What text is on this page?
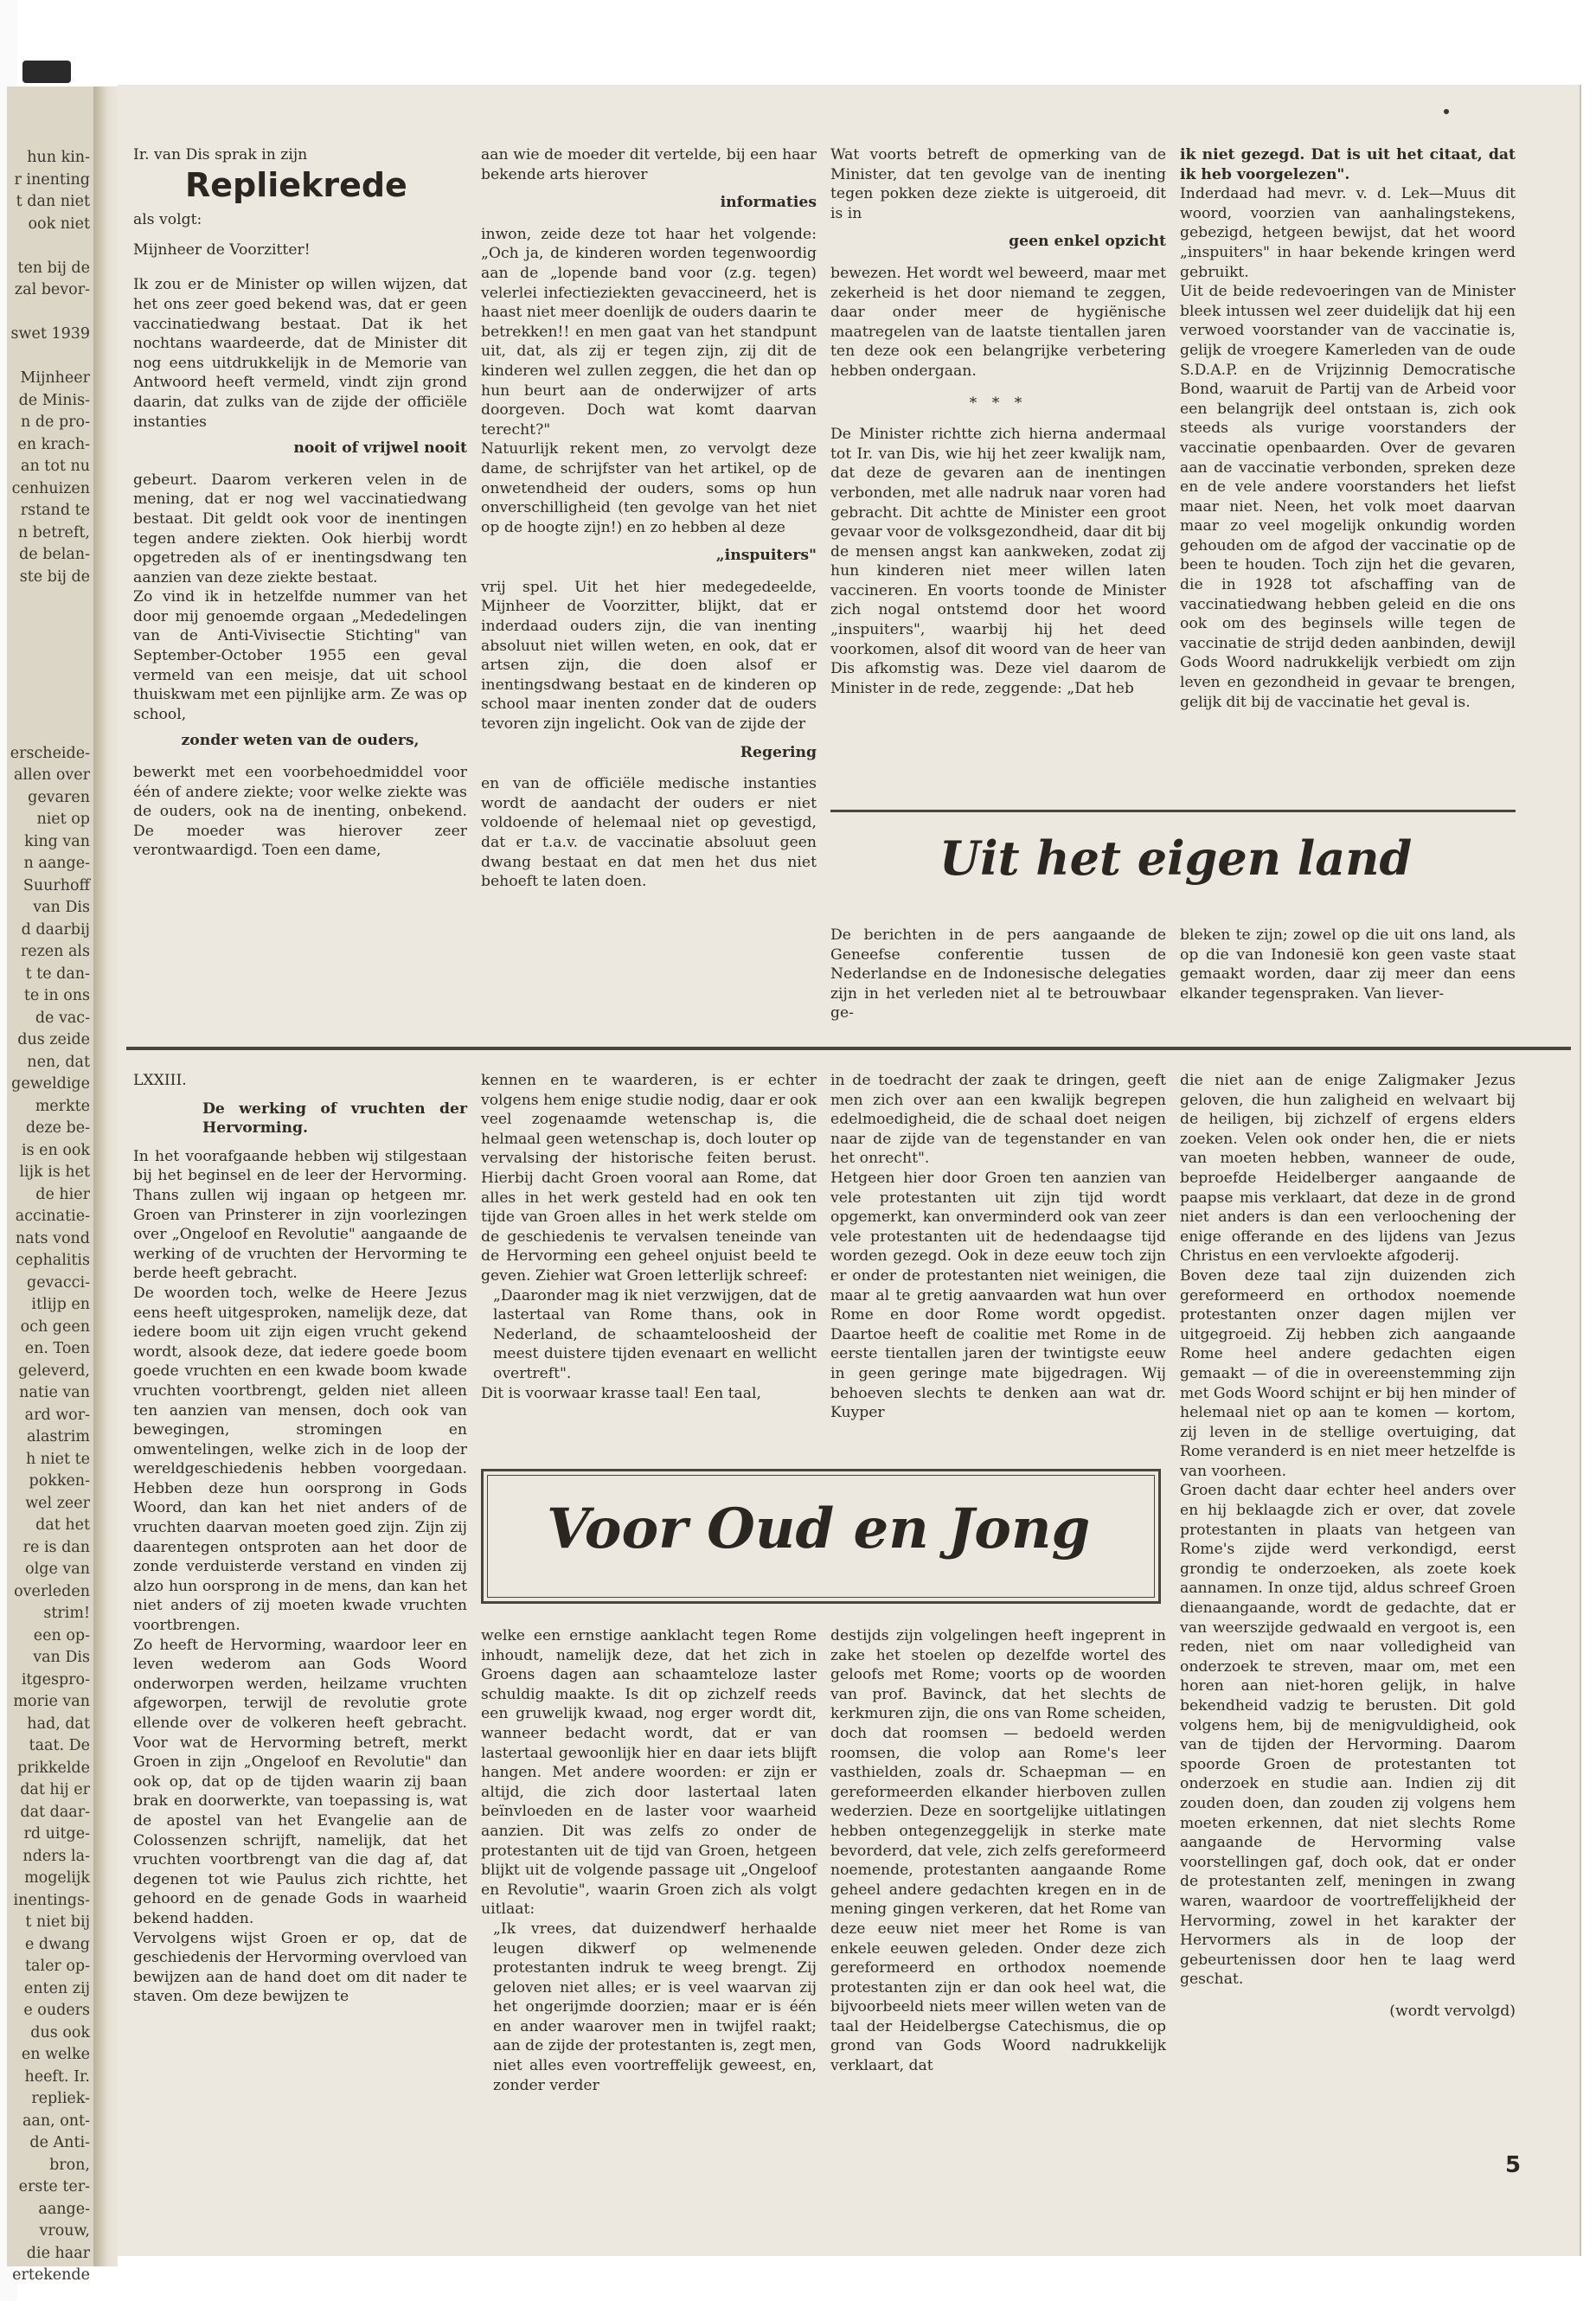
hun kin-
r inenting
t dan niet
ook niet

ten bij de
zal bevor-

swet 1939

Mijnheer
de Minis-
n de pro-
en krach-
an tot nu
cenhuizen
rstand te
n betreft,
de belan-
ste bij de

erscheide-
allen over
gevaren
niet op
king van
n aange-
Suurhoff
van Dis
d daarbij
rezen als
t te dan-
te in ons
de vac-
dus zeide
nen, dat
geweldige
merkte
deze be-
is en ook
lijk is het
de hier
accinatie-
nats vond
cephalitis
gevacci-
itlijp en
och geen
en. Toen
geleverd,
natie van
ard wor-
alastrim
h niet te
pokken-
wel zeer
dat het
re is dan
olge van
overleden
strim!
een op-
van Dis
itgespro-
morie van
had, dat
taat. De
prikkelde
dat hij er
dat daar-
rd uitge-
nders la-
mogelijk
inentings-
t niet bij
e dwang
taler op-
enten zij
e ouders
dus ook
en welke
heeft. Ir.
repliek-
aan, ont-
de Anti-
bron,
erste ter-
aange-
vrouw,
die haar
ertekende

Ir. van Dis sprak in zijn

Repliekrede

als volgt:

Mijnheer de Voorzitter!

Ik zou er de Minister op willen wijzen, dat het ons zeer goed bekend was, dat er geen vaccinatiedwang bestaat. Dat ik het nochtans waardeerde, dat de Minister dit nog eens uitdrukkelijk in de Memorie van Antwoord heeft vermeld, vindt zijn grond daarin, dat zulks van de zijde der officiële instanties

nooit of vrijwel nooit

gebeurt. Daarom verkeren velen in de mening, dat er nog wel vaccinatiedwang bestaat. Dit geldt ook voor de inentingen tegen andere ziekten. Ook hierbij wordt opgetreden als of er inentingsdwang ten aanzien van deze ziekte bestaat.

Zo vind ik in hetzelfde nummer van het door mij genoemde orgaan „Mededelingen van de Anti-Vivisectie Stichting" van September-October 1955 een geval vermeld van een meisje, dat uit school thuiskwam met een pijnlijke arm. Ze was op school,

zonder weten van de ouders,

bewerkt met een voorbehoedmiddel voor één of andere ziekte; voor welke ziekte was de ouders, ook na de inenting, onbekend. De moeder was hierover zeer verontwaardigd. Toen een dame,

aan wie de moeder dit vertelde, bij een haar bekende arts hierover

informaties

inwon, zeide deze tot haar het volgende: „Och ja, de kinderen worden tegenwoordig aan de „lopende band voor (z.g. tegen) velerlei infectieziekten gevaccineerd, het is haast niet meer doenlijk de ouders daarin te betrekken!! en men gaat van het standpunt uit, dat, als zij er tegen zijn, zij dit de kinderen wel zullen zeggen, die het dan op hun beurt aan de onderwijzer of arts doorgeven. Doch wat komt daarvan terecht?"

Natuurlijk rekent men, zo vervolgt deze dame, de schrijfster van het artikel, op de onwetendheid der ouders, soms op hun onverschilligheid (ten gevolge van het niet op de hoogte zijn!) en zo hebben al deze

„inspuiters"

vrij spel. Uit het hier medegedeelde, Mijnheer de Voorzitter, blijkt, dat er inderdaad ouders zijn, die van inenting absoluut niet willen weten, en ook, dat er artsen zijn, die doen alsof er inentingsdwang bestaat en de kinderen op school maar inenten zonder dat de ouders tevoren zijn ingelicht. Ook van de zijde der

Regering

en van de officiële medische instanties wordt de aandacht der ouders er niet voldoende of helemaal niet op gevestigd, dat er t.a.v. de vaccinatie absoluut geen dwang bestaat en dat men het dus niet behoeft te laten doen.

Wat voorts betreft de opmerking van de Minister, dat ten gevolge van de inenting tegen pokken deze ziekte is uitgeroeid, dit is in

geen enkel opzicht

bewezen. Het wordt wel beweerd, maar met zekerheid is het door niemand te zeggen, daar onder meer de hygiënische maatregelen van de laatste tientallen jaren ten deze ook een belangrijke verbetering hebben ondergaan.

* * *

De Minister richtte zich hierna andermaal tot Ir. van Dis, wie hij het zeer kwalijk nam, dat deze de gevaren aan de inentingen verbonden, met alle nadruk naar voren had gebracht. Dit achtte de Minister een groot gevaar voor de volksgezondheid, daar dit bij de mensen angst kan aankweken, zodat zij hun kinderen niet meer willen laten vaccineren. En voorts toonde de Minister zich nogal ontstemd door het woord „inspuiters", waarbij hij het deed voorkomen, alsof dit woord van de heer van Dis afkomstig was. Deze viel daarom de Minister in de rede, zeggende: „Dat heb

ik niet gezegd. Dat is uit het citaat, dat ik heb voorgelezen".

Inderdaad had mevr. v. d. Lek—Muus dit woord, voorzien van aanhalingstekens, gebezigd, hetgeen bewijst, dat het woord „inspuiters" in haar bekende kringen werd gebruikt.

Uit de beide redevoeringen van de Minister bleek intussen wel zeer duidelijk dat hij een verwoed voorstander van de vaccinatie is, gelijk de vroegere Kamerleden van de oude S.D.A.P. en de Vrijzinnig Democratische Bond, waaruit de Partij van de Arbeid voor een belangrijk deel ontstaan is, zich ook steeds als vurige voorstanders der vaccinatie openbaarden. Over de gevaren aan de vaccinatie verbonden, spreken deze en de vele andere voorstanders het liefst maar niet. Neen, het volk moet daarvan maar zo veel mogelijk onkundig worden gehouden om de afgod der vaccinatie op de been te houden. Toch zijn het die gevaren, die in 1928 tot afschaffing van de vaccinatiedwang hebben geleid en die ons ook om des beginsels wille tegen de vaccinatie de strijd deden aanbinden, dewijl Gods Woord nadrukkelijk verbiedt om zijn leven en gezondheid in gevaar te brengen, gelijk dit bij de vaccinatie het geval is.

Uit het eigen land

De berichten in de pers aangaande de Geneefse conferentie tussen de Nederlandse en de Indonesische delegaties zijn in het verleden niet al te betrouwbaar ge-

bleken te zijn; zowel op die uit ons land, als op die van Indonesië kon geen vaste staat gemaakt worden, daar zij meer dan eens elkander tegenspraken. Van liever-

LXXIII.

De werking of vruchten der Hervorming.

In het voorafgaande hebben wij stilgestaan bij het beginsel en de leer der Hervorming. Thans zullen wij ingaan op hetgeen mr. Groen van Prinsterer in zijn voorlezingen over „Ongeloof en Revolutie" aangaande de werking of de vruchten der Hervorming te berde heeft gebracht.

De woorden toch, welke de Heere Jezus eens heeft uitgesproken, namelijk deze, dat iedere boom uit zijn eigen vrucht gekend wordt, alsook deze, dat iedere goede boom goede vruchten en een kwade boom kwade vruchten voortbrengt, gelden niet alleen ten aanzien van mensen, doch ook van bewegingen, stromingen en omwentelingen, welke zich in de loop der wereldgeschiedenis hebben voorgedaan. Hebben deze hun oorsprong in Gods Woord, dan kan het niet anders of de vruchten daarvan moeten goed zijn. Zijn zij daarentegen ontsproten aan het door de zonde verduisterde verstand en vinden zij alzo hun oorsprong in de mens, dan kan het niet anders of zij moeten kwade vruchten voortbrengen.

Zo heeft de Hervorming, waardoor leer en leven wederom aan Gods Woord onderworpen werden, heilzame vruchten afgeworpen, terwijl de revolutie grote ellende over de volkeren heeft gebracht. Voor wat de Hervorming betreft, merkt Groen in zijn „Ongeloof en Revolutie" dan ook op, dat op de tijden waarin zij baan brak en doorwerkte, van toepassing is, wat de apostel van het Evangelie aan de Colossenzen schrijft, namelijk, dat het vruchten voortbrengt van die dag af, dat degenen tot wie Paulus zich richtte, het gehoord en de genade Gods in waarheid bekend hadden.

Vervolgens wijst Groen er op, dat de geschiedenis der Hervorming overvloed van bewijzen aan de hand doet om dit nader te staven. Om deze bewijzen te

kennen en te waarderen, is er echter volgens hem enige studie nodig, daar er ook veel zogenaamde wetenschap is, die helmaal geen wetenschap is, doch louter op vervalsing der historische feiten berust. Hierbij dacht Groen vooral aan Rome, dat alles in het werk gesteld had en ook ten tijde van Groen alles in het werk stelde om de geschiedenis te vervalsen teneinde van de Hervorming een geheel onjuist beeld te geven. Ziehier wat Groen letterlijk schreef:

„Daaronder mag ik niet verzwijgen, dat de lastertaal van Rome thans, ook in Nederland, de schaamteloosheid der meest duistere tijden evenaart en wellicht overtreft".

Dit is voorwaar krasse taal! Een taal,

in de toedracht der zaak te dringen, geeft men zich over aan een kwalijk begrepen edelmoedigheid, die de schaal doet neigen naar de zijde van de tegenstander en van het onrecht".

Hetgeen hier door Groen ten aanzien van vele protestanten uit zijn tijd wordt opgemerkt, kan onverminderd ook van zeer vele protestanten uit de hedendaagse tijd worden gezegd. Ook in deze eeuw toch zijn er onder de protestanten niet weinigen, die maar al te gretig aanvaarden wat hun over Rome en door Rome wordt opgedist. Daartoe heeft de coalitie met Rome in de eerste tientallen jaren der twintigste eeuw in geen geringe mate bijgedragen. Wij behoeven slechts te denken aan wat dr. Kuyper

Voor Oud en Jong

welke een ernstige aanklacht tegen Rome inhoudt, namelijk deze, dat het zich in Groens dagen aan schaamteloze laster schuldig maakte. Is dit op zichzelf reeds een gruwelijk kwaad, nog erger wordt dit, wanneer bedacht wordt, dat er van lastertaal gewoonlijk hier en daar iets blijft hangen. Met andere woorden: er zijn er altijd, die zich door lastertaal laten beïnvloeden en de laster voor waarheid aanzien. Dit was zelfs zo onder de protestanten uit de tijd van Groen, hetgeen blijkt uit de volgende passage uit „Ongeloof en Revolutie", waarin Groen zich als volgt uitlaat:

„Ik vrees, dat duizendwerf herhaalde leugen dikwerf op welmenende protestanten indruk te weeg brengt. Zij geloven niet alles; er is veel waarvan zij het ongerijmde doorzien; maar er is één en ander waarover men in twijfel raakt; aan de zijde der protestanten is, zegt men, niet alles even voortreffelijk geweest, en, zonder verder

destijds zijn volgelingen heeft ingeprent in zake het stoelen op dezelfde wortel des geloofs met Rome; voorts op de woorden van prof. Bavinck, dat het slechts de kerkmuren zijn, die ons van Rome scheiden, doch dat roomsen — bedoeld werden roomsen, die volop aan Rome's leer vasthielden, zoals dr. Schaepman — en gereformeerden elkander hierboven zullen wederzien. Deze en soortgelijke uitlatingen hebben ontegenzeggelijk in sterke mate bevorderd, dat vele, zich zelfs gereformeerd noemende, protestanten aangaande Rome geheel andere gedachten kregen en in de mening gingen verkeren, dat het Rome van deze eeuw niet meer het Rome is van enkele eeuwen geleden. Onder deze zich gereformeerd en orthodox noemende protestanten zijn er dan ook heel wat, die bijvoorbeeld niets meer willen weten van de taal der Heidelbergse Catechismus, die op grond van Gods Woord nadrukkelijk verklaart, dat

die niet aan de enige Zaligmaker Jezus geloven, die hun zaligheid en welvaart bij de heiligen, bij zichzelf of ergens elders zoeken. Velen ook onder hen, die er niets van moeten hebben, wanneer de oude, beproefde Heidelberger aangaande de paapse mis verklaart, dat deze in de grond niet anders is dan een verloochening der enige offerande en des lijdens van Jezus Christus en een vervloekte afgoderij.

Boven deze taal zijn duizenden zich gereformeerd en orthodox noemende protestanten onzer dagen mijlen ver uitgegroeid. Zij hebben zich aangaande Rome heel andere gedachten eigen gemaakt — of die in overeenstemming zijn met Gods Woord schijnt er bij hen minder of helemaal niet op aan te komen — kortom, zij leven in de stellige overtuiging, dat Rome veranderd is en niet meer hetzelfde is van voorheen.

Groen dacht daar echter heel anders over en hij beklaagde zich er over, dat zovele protestanten in plaats van hetgeen van Rome's zijde werd verkondigd, eerst grondig te onderzoeken, als zoete koek aannamen. In onze tijd, aldus schreef Groen dienaangaande, wordt de gedachte, dat er van weerszijde gedwaald en vergoot is, een reden, niet om naar volledigheid van onderzoek te streven, maar om, met een horen aan niet-horen gelijk, in halve bekendheid vadzig te berusten. Dit gold volgens hem, bij de menigvuldigheid, ook van de tijden der Hervorming. Daarom spoorde Groen de protestanten tot onderzoek en studie aan. Indien zij dit zouden doen, dan zouden zij volgens hem moeten erkennen, dat niet slechts Rome aangaande de Hervorming valse voorstellingen gaf, doch ook, dat er onder de protestanten zelf, meningen in zwang waren, waardoor de voortreffelijkheid der Hervorming, zowel in het karakter der Hervormers als in de loop der gebeurtenissen door hen te laag werd geschat.

(wordt vervolgd)

5
